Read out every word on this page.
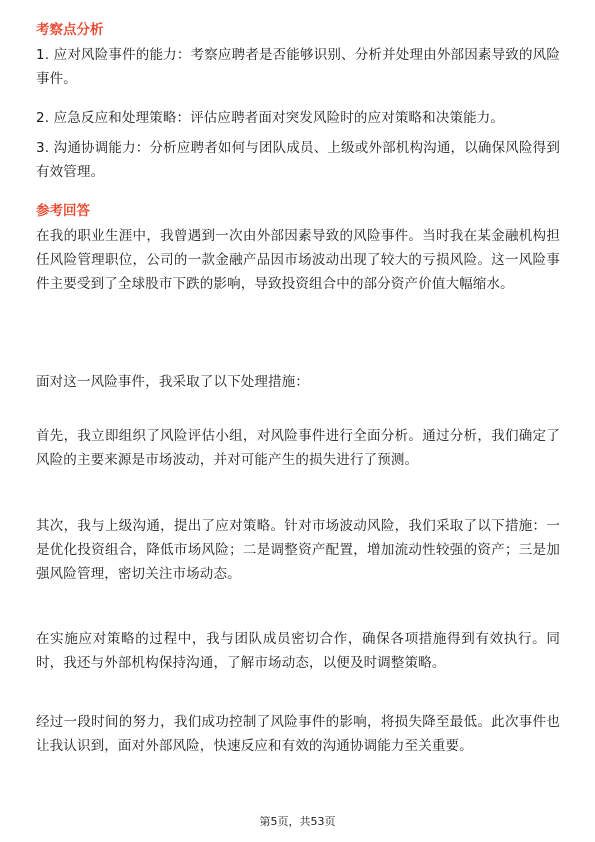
考察点分析

1. 应对风险事件的能力：考察应聘者是否能够识别、分析并处理由外部因素导致的风险事件。

2. 应急反应和处理策略：评估应聘者面对突发风险时的应对策略和决策能力。

3. 沟通协调能力：分析应聘者如何与团队成员、上级或外部机构沟通，以确保风险得到有效管理。

参考回答

在我的职业生涯中，我曾遇到一次由外部因素导致的风险事件。当时我在某金融机构担任风险管理职位，公司的一款金融产品因市场波动出现了较大的亏损风险。这一风险事件主要受到了全球股市下跌的影响，导致投资组合中的部分资产价值大幅缩水。

面对这一风险事件，我采取了以下处理措施：

首先，我立即组织了风险评估小组，对风险事件进行全面分析。通过分析，我们确定了风险的主要来源是市场波动，并对可能产生的损失进行了预测。

其次，我与上级沟通，提出了应对策略。针对市场波动风险，我们采取了以下措施：一是优化投资组合，降低市场风险；二是调整资产配置，增加流动性较强的资产；三是加强风险管理，密切关注市场动态。

在实施应对策略的过程中，我与团队成员密切合作，确保各项措施得到有效执行。同时，我还与外部机构保持沟通，了解市场动态，以便及时调整策略。

经过一段时间的努力，我们成功控制了风险事件的影响，将损失降至最低。此次事件也让我认识到，面对外部风险，快速反应和有效的沟通协调能力至关重要。

第5页，共53页
